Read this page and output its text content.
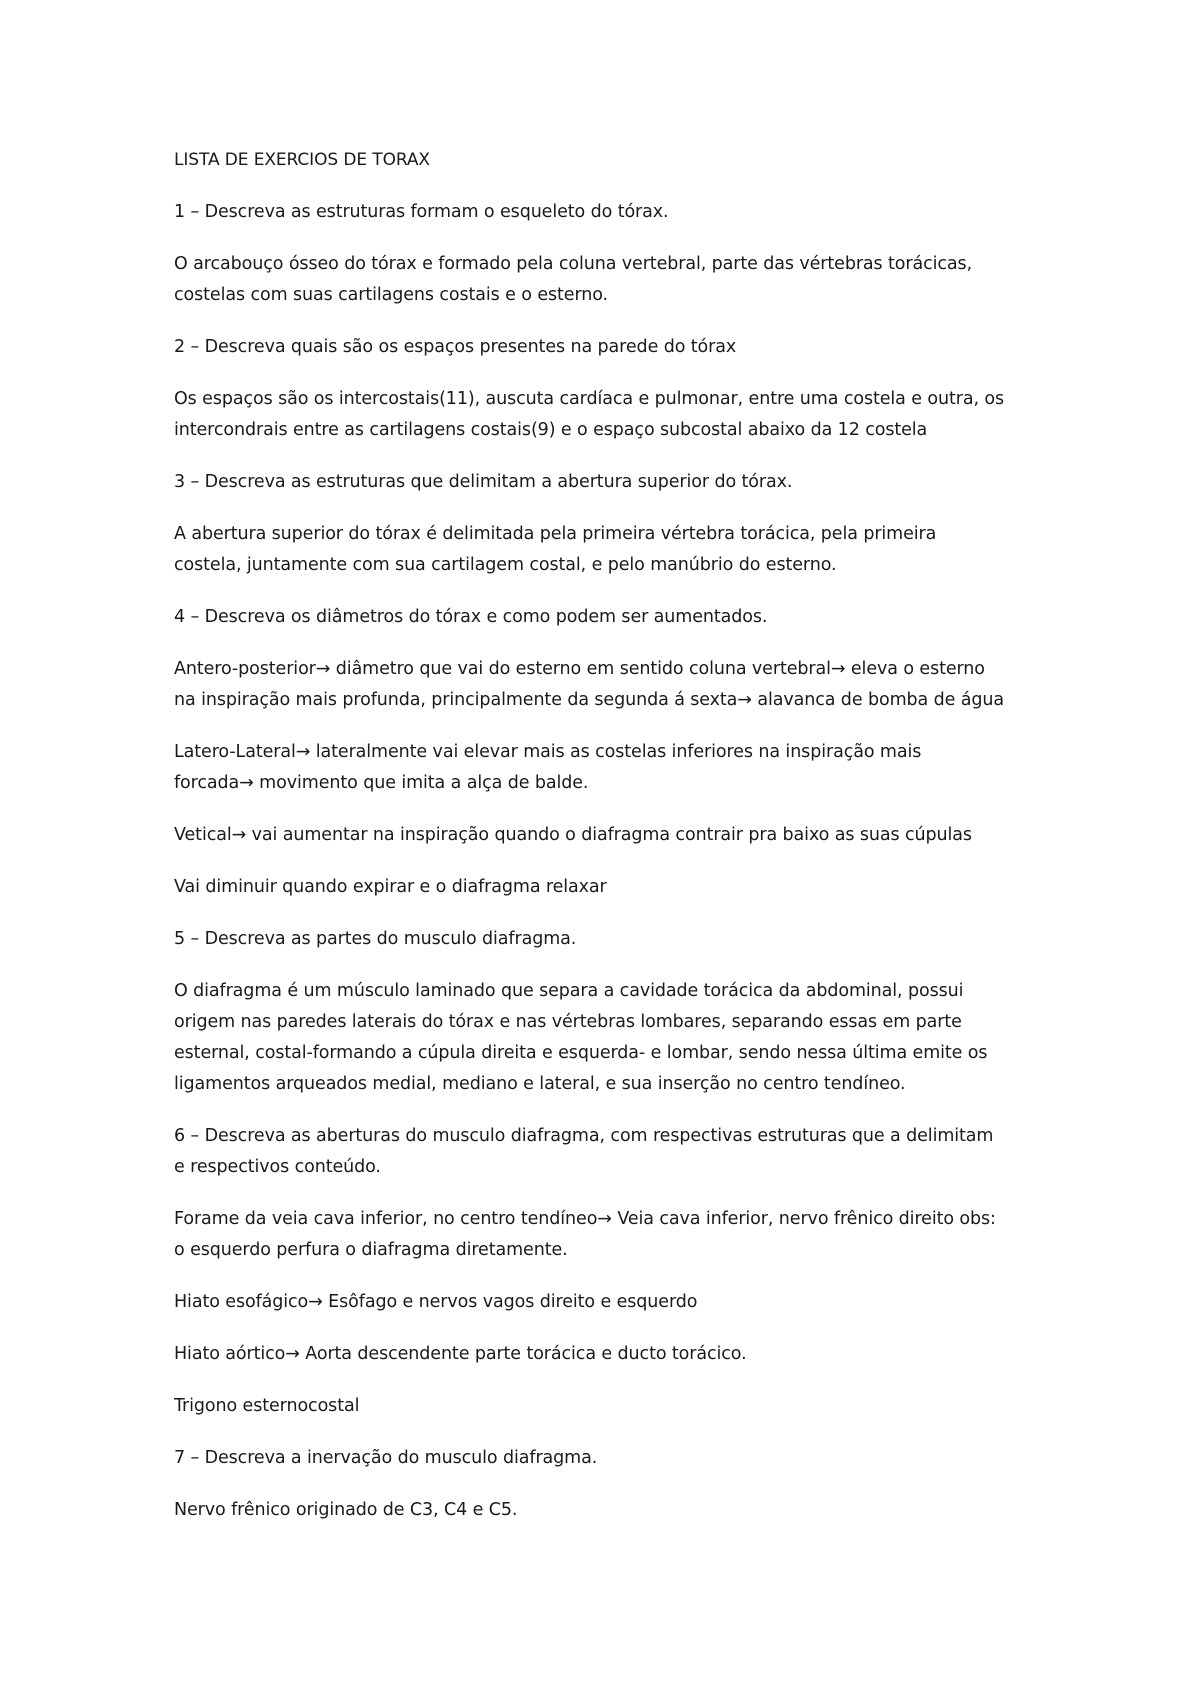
LISTA DE EXERCIOS DE TORAX
1 – Descreva as estruturas formam o esqueleto do tórax.
O arcabouço ósseo do tórax e formado pela coluna vertebral, parte das vértebras torácicas,
costelas com suas cartilagens costais e o esterno.
2 – Descreva quais são os espaços presentes na parede do tórax
Os espaços são os intercostais(11), auscuta cardíaca e pulmonar, entre uma costela e outra, os
intercondrais entre as cartilagens costais(9) e o espaço subcostal abaixo da 12 costela
3 – Descreva as estruturas que delimitam a abertura superior do tórax.
A abertura superior do tórax é delimitada pela primeira vértebra torácica, pela primeira
costela, juntamente com sua cartilagem costal, e pelo manúbrio do esterno.
4 – Descreva os diâmetros do tórax e como podem ser aumentados.
Antero-posterior→ diâmetro que vai do esterno em sentido coluna vertebral→ eleva o esterno
na inspiração mais profunda, principalmente da segunda á sexta→ alavanca de bomba de água
Latero-Lateral→ lateralmente vai elevar mais as costelas inferiores na inspiração mais
forcada→ movimento que imita a alça de balde.
Vetical→ vai aumentar na inspiração quando o diafragma contrair pra baixo as suas cúpulas
Vai diminuir quando expirar e o diafragma relaxar
5 – Descreva as partes do musculo diafragma.
O diafragma é um músculo laminado que separa a cavidade torácica da abdominal, possui
origem nas paredes laterais do tórax e nas vértebras lombares, separando essas em parte
esternal, costal-formando a cúpula direita e esquerda- e lombar, sendo nessa última emite os
ligamentos arqueados medial, mediano e lateral, e sua inserção no centro tendíneo.
6 – Descreva as aberturas do musculo diafragma, com respectivas estruturas que a delimitam
e respectivos conteúdo.
Forame da veia cava inferior, no centro tendíneo→ Veia cava inferior, nervo frênico direito obs:
o esquerdo perfura o diafragma diretamente.
Hiato esofágico→ Esôfago e nervos vagos direito e esquerdo
Hiato aórtico→ Aorta descendente parte torácica e ducto torácico.
Trigono esternocostal
7 – Descreva a inervação do musculo diafragma.
Nervo frênico originado de C3, C4 e C5.
